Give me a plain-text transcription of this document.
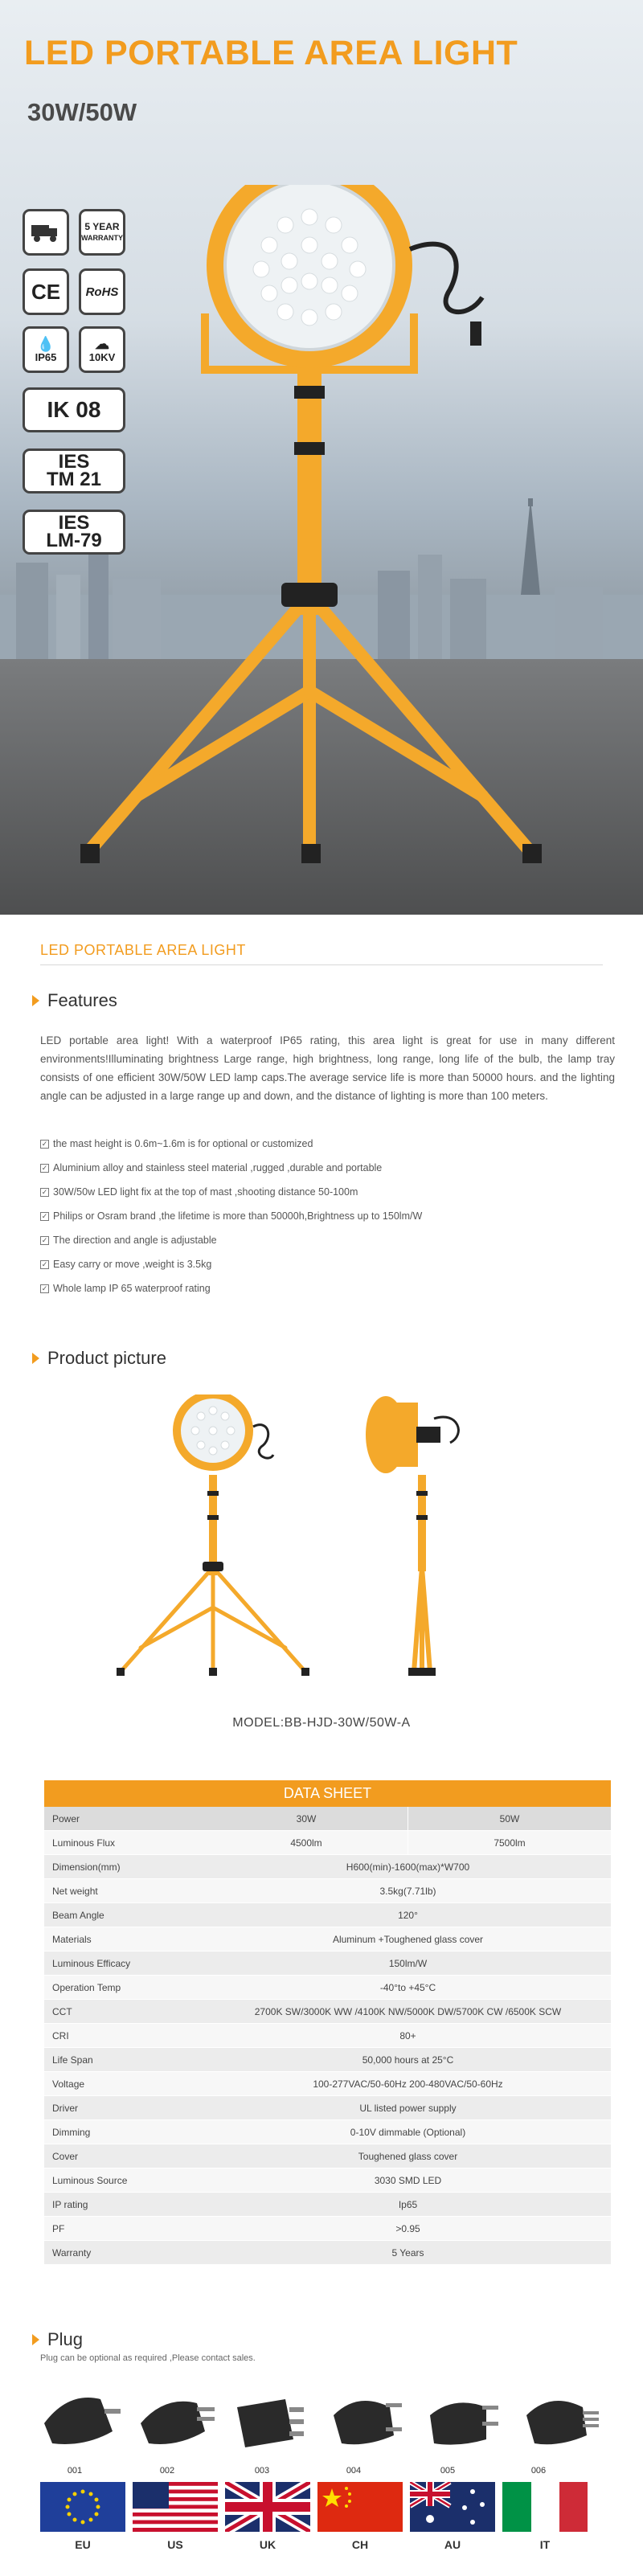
LED PORTABLE AREA LIGHT
30W/50W
5 YEAR
WARRANTY
CE	RoHS
💧
IP65
☁
10KV
IK 08
IES
TM 21
IES
LM-79
LED PORTABLE AREA LIGHT
Features

LED portable area light! With a waterproof IP65 rating, this area light is great for use in many different environments!Illuminating brightness Large range, high brightness, long range, long life of the bulb, the lamp tray consists of one efficient 30W/50W LED lamp caps.The average service life is more than 50000 hours. and the lighting angle can be adjusted in a large range up and down, and the distance of lighting is more than 100 meters.

✓ the mast height is 0.6m~1.6m is for optional or customized
✓ Aluminium alloy and stainless steel material ,rugged ,durable and portable
✓ 30W/50w LED light fix at the top of mast ,shooting distance 50-100m
✓ Philips or Osram brand ,the lifetime is more than 50000h,Brightness up to 150lm/W
✓ The direction and angle is adjustable
✓ Easy carry or move ,weight is 3.5kg
✓ Whole lamp IP 65 waterproof rating
Product picture
MODEL:BB-HJD-30W/50W-A
DATA SHEET
Power	30W	50W
Luminous Flux	4500lm	7500lm
Dimension(mm)	H600(min)-1600(max)*W700
Net weight	3.5kg(7.71lb)
Beam Angle	120°
Materials	Aluminum +Toughened glass cover
Luminous Efficacy	150lm/W
Operation Temp	-40°to +45°C
CCT	2700K SW/3000K WW /4100K NW/5000K DW/5700K CW /6500K SCW
CRI	80+
Life Span	50,000 hours at 25°C
Voltage	100-277VAC/50-60Hz 200-480VAC/50-60Hz
Driver	UL listed power supply
Dimming	0-10V dimmable (Optional)
Cover	Toughened glass cover
Luminous Source	3030 SMD LED
IP rating	Ip65
PF	>0.95
Warranty	5 Years
Plug
Plug can be optional as required ,Please contact sales.
001	002	003	004	005	006
EU	US	UK	CH	AU	IT
